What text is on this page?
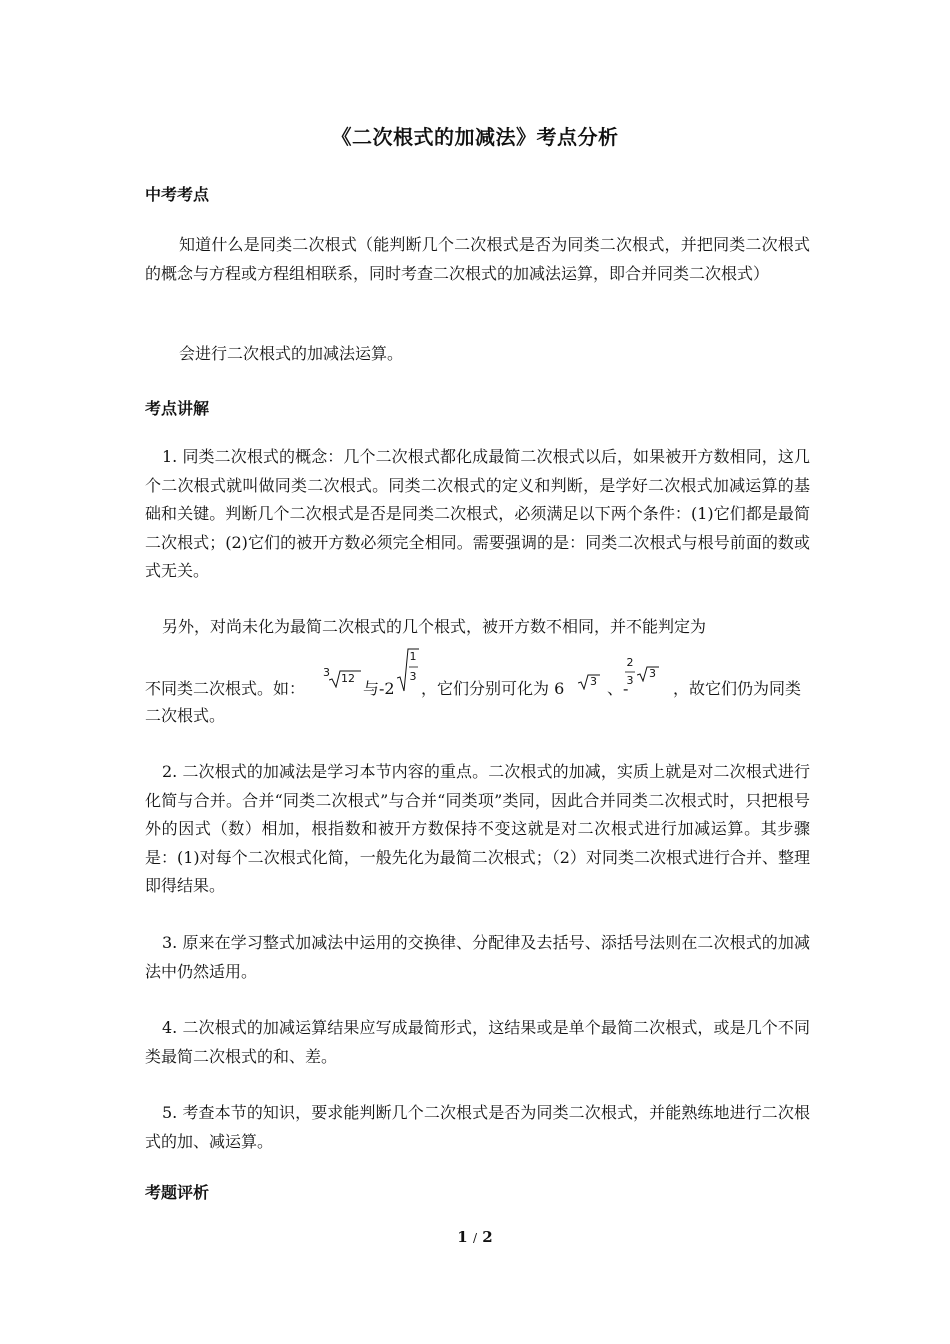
《二次根式的加减法》考点分析
中考考点
知道什么是同类二次根式（能判断几个二次根式是否为同类二次根式，并把同类二次根式的概念与方程或方程组相联系，同时考查二次根式的加减法运算，即合并同类二次根式）
会进行二次根式的加减法运算。
考点讲解
1. 同类二次根式的概念：几个二次根式都化成最简二次根式以后，如果被开方数相同，这几个二次根式就叫做同类二次根式。同类二次根式的定义和判断，是学好二次根式加减运算的基础和关键。判断几个二次根式是否是同类二次根式，必须满足以下两个条件：(1)它们都是最简二次根式；(2)它们的被开方数必须完全相同。需要强调的是：同类二次根式与根号前面的数或式无关。
另外，对尚未化为最简二次根式的几个根式，被开方数不相同，并不能判定为
不同类二次根式。如：
3 12
与-2
1
3
，它们分别可化为 6 3 、-
2
3
3
，故它们仍为同类
二次根式。
2. 二次根式的加减法是学习本节内容的重点。二次根式的加减，实质上就是对二次根式进行化简与合并。合并“同类二次根式”与合并“同类项”类同，因此合并同类二次根式时，只把根号外的因式（数）相加，根指数和被开方数保持不变这就是对二次根式进行加减运算。其步骤是：(1)对每个二次根式化简，一般先化为最简二次根式；（2）对同类二次根式进行合并、整理即得结果。
3. 原来在学习整式加减法中运用的交换律、分配律及去括号、添括号法则在二次根式的加减法中仍然适用。
4. 二次根式的加减运算结果应写成最简形式，这结果或是单个最简二次根式，或是几个不同类最简二次根式的和、差。
5. 考查本节的知识，要求能判断几个二次根式是否为同类二次根式，并能熟练地进行二次根式的加、减运算。
考题评析
1 / 2
